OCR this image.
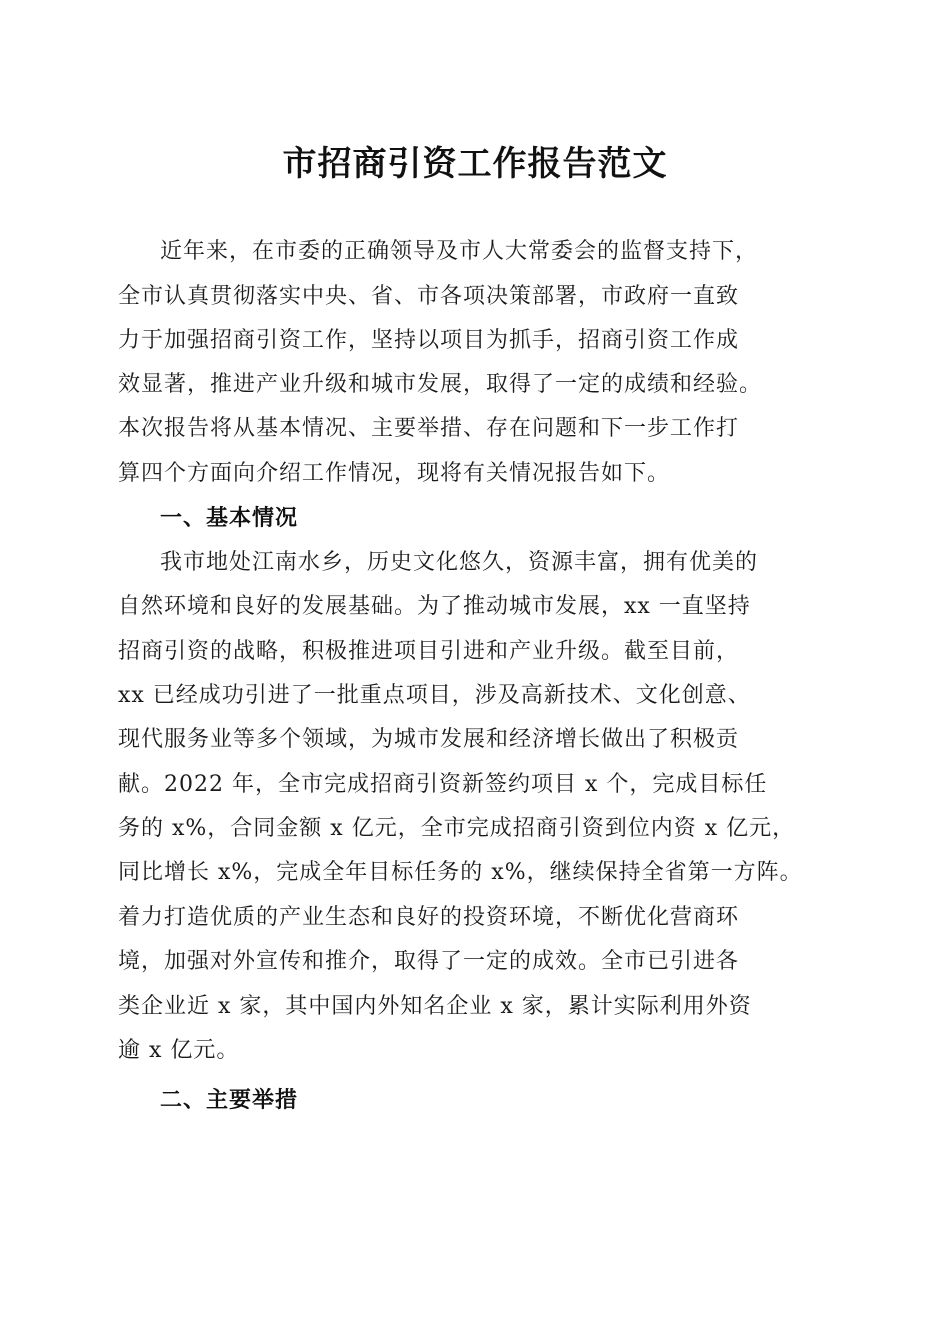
市招商引资工作报告范文
近年来，在市委的正确领导及市人大常委会的监督支持下，
全市认真贯彻落实中央、省、市各项决策部署，市政府一直致
力于加强招商引资工作，坚持以项目为抓手，招商引资工作成
效显著，推进产业升级和城市发展，取得了一定的成绩和经验。
本次报告将从基本情况、主要举措、存在问题和下一步工作打
算四个方面向介绍工作情况，现将有关情况报告如下。
一、基本情况
我市地处江南水乡，历史文化悠久，资源丰富，拥有优美的
自然环境和良好的发展基础。为了推动城市发展，xx 一直坚持
招商引资的战略，积极推进项目引进和产业升级。截至目前，
xx 已经成功引进了一批重点项目，涉及高新技术、文化创意、
现代服务业等多个领域，为城市发展和经济增长做出了积极贡
献。2022 年，全市完成招商引资新签约项目 x 个，完成目标任
务的 x%，合同金额 x 亿元，全市完成招商引资到位内资 x 亿元，
同比增长 x%，完成全年目标任务的 x%，继续保持全省第一方阵。
着力打造优质的产业生态和良好的投资环境，不断优化营商环
境，加强对外宣传和推介，取得了一定的成效。全市已引进各
类企业近 x 家，其中国内外知名企业 x 家，累计实际利用外资
逾 x 亿元。
二、主要举措
